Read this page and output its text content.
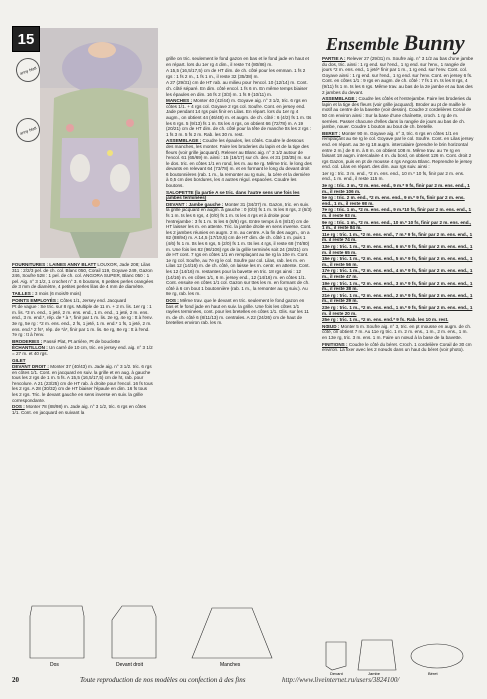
15
anny blatt
anny blatt
Ensemble Bunny

FOURNITURES : LAINES ANNY BLATT LOUXOR, Jade 208; Lilas 311 : 2/2/3 pel. de ch. col. Blanc 050, Corail 119, Goyave 249, Gazon 246, Soufre 528 : 1 pel. de ch. col. ANGORA SUPER, Blanc 050 : 1 pel. Aig. n° 3 1/2, 1 crochet n° 3. 6 boutons, 6 petites perles orangées de 3 mm de diamètre, 4 petites perles lilas de 4 mm de diamètre.

TAILLES : 3 mois (6 mois/9 mois)

POINTS EMPLOYÉS : Côtes 1/1, Jersey end. Jacquard

Pt de vague : Se tric. sur 8 rgs. Multiple de 11 m. + 2 m. lis. 1er rg : 1 m. lis. *3 m. end., 1 jeté, 2 m. ens. end., 1 m. end., 1 jeté, 2 m. ens. end., 3 m. end.*, rép. de * à *, finir par 1 m. lis. 2e rg, 4e rg : tt à l'env. 3e rg, 5e rg : *2 m. ens. end., 2 fs, 1 jeté, 1 m. end.* 1 fs, 1 jeté, 2 m. ens. end.* 2 fs*, rép. de *à*, finir par 1 m. lis. 6e rg, 8e rg : tt à l'end. 7e rg : tt à l'env.

BRODERIES : Passé Plat, Pt arrière, Pt de bouclette

ÉCHANTILLON : Un carré de 10 cm, tric. en jersey end. aig. n° 3 1/2 = 27 m. et 40 rgs.

GILET

DEVANT DROIT : Monter 37 (40/43) m. Jade aig. n° 3 1/2. tric. 6 rgs en côtes 1/1. Cont. en jacquard en suiv. la grille et en aug. à gauche tous les 2 rgs de 1 m. 5 fs. A 15,5 (16,5/17,5) cm de ht, rab. pour l'encolure. A 21 (23/25) cm de HT rab. à droite pour l'encol. 16 fs tous les 2 rgs. A 28 (30/32) cm de HT biaiser l'épaule en dim. 16 fs tous les 2 rgs. Tric. le devant gauche en sens inverse en suiv. la grille correspondante.

DOS : Monter 78 (88/98) m. Jade aig. n° 3 1/2, tric. 6 rgs en côtes 1/1. Cont. en jacquard en suivant la

grille on tric. seulement le fond gazon en bas et le fond jade en haut et en répart. lors du 1er rg 4 dim., il reste 74 (80/86) m.

A 15,5 (16,5/17,5) cm de HT dim. de ch. côté pour les emman. 1 fs 2 rgs : 1 fs 2 m., 1 fs 1 m., il reste 32 (35/38) m.

A 27 (29/31) cm de HT rab. au milieu pour l'encol. 10 (12/14) m. Cont. ch. côté séparé. En dim. côté encol. 1 fs 6 m. En même temps biaiser les épaules en dim. 16 fs 2 (3/3) m. 1 fs 9 (10/11) m.

MANCHES : Monter 40 (42/44) m. Goyave aig. n° 3 1/2, tric. 6 rgs en côtes 1/1. + 4 rgs col. Goyave 2 rgs col. Soufre. Cont. en jersey end. Jade pendant 14 rgs puis finir en Lilas. En répart. lors du 1er rg 4 augm., on obtient 44 (46/48) m. et augm. de ch. côté : 6 (4/2) fs 1 m. tts les 6 rgs. 5 (9/13) fs 1 m. tts les 4 rgs, on obtient 66 (72/78) m. A 19 (20/21) cm de HT dim. de ch. côté pour la tête de manche tts les 2 rgs : 1 fs 3 m. 5 fs 2 m. Rab. les 30 m. rest.

ASSEMBLAGE : Coudre les épaules, les côtés. Coudre le dessous des manches, les monter. Faire les broderies du lapin et de la tige des fleurs (voir grille jacquard). Relever au Blanc aig. n° 3 1/2 autour de l'encol. 61 (65/69) m. ainsi : 15 (16/17) sur ch. dev. et 31 (33/35) m. sur le dos. tric. en côtes 1/1 en rond, les m. au 6e rg. Même tric. le long des devants en relevant 64 (73/78) m. et en formant le long du devant droit 6 boutonnières (rab. 1 m., la remonter au rg suiv., la 1ère et la dernière à 0,5 cm des bordures, les 4 autres régul. espacées. Coudre les boutons.

SALOPETTE (la partie A se tric. dans l'autre sens une fois les jambes terminées)

DEVANT : Jambe gauche : Monter 31 (34/37) m. Gazon, tric. en suiv. la grille jacquard en augm. à gauche : 0 (0/3) fs 1 m. ts les 8 rgs, 2 (6/3) fs 1 m. ts les 6 rgs, 4 (0/0) fs 1 m. ts les 4 rgs et à droite pour l'entrejambe : 3 fs 1 m. ts les 6 (8/8) rgs. Entre temps à 6 (8/10) cm de HT laisser les m. en attente. Tric. la jambe droite en sens inverse. Cont. les 2 jambes réunies en augm. 2 m. au centre. A la fin des augm., on a 82 (88/94) m. A 14,5 (17/19,5) cm de HT dim. de ch. côté 1 m. puis 1 (4/6) fs 1 m. tts les 6 rgs, 5 (2/0) fs 1 m. tts les 4 rgs, il reste 68 (74/80) m. Une fois les 82 (96/106) rgs de la grille terminés soit 24 (28/31) cm de HT cont. 7 rgs en côtes 1/1 en remplaçant au 5e rg la 10e m. Cont. 1e rg col. Soufre, au 7e rg le col. Soufre par col. Lilas, rab. les m. en Lilas 12 (14/16) m. de ch. côté, on laisse les m. centr. en attente. Cont. les 12 (14/16) m. restantes pour la bavette en tric. 18 rgs ainsi : 12 (14/16) m. en côtes 1/1, 6 m. jersey end., 12 (14/16) m. en côtes 1/1. Cont. ensuite en côtes 1/1 col. Gazon sur ttes les m. en formant de ch. côté à 6 cm bout 1 boutonnière (rab. 1 m., la remonter au rg suiv.). Au 8e rg, rab. les m.

DOS : Même trav. que le devant en tric. seulement le fond gazon en bas et le fond jade en haut en suiv. la grille. Une fois les côtes 1/1 rayées terminées, cont. pour les bretelles en côtes 1/1. Glis. sur les 11 m. de ch. côté 6 (8/11/13) m. centrales. A 22 (24/26) cm de haut de bretelles environ rab. les m.

PARTIE A : Relever 27 (29/31) m. Soufre aig. n° 3 1/2 au bas d'une jambe du dos, tric. ainsi : 1 rg end. sur l'end., 1 rg end. sur l'env., 1 rangée de jours *2 m. ens. end., 1 jeté* finir par 1 m., 1 rg end. sur l'env. Cont. col. Goyave ainsi : 1 rg end. sur l'end., 1 rg end. sur l'env. Cont. en jersey 6 fs. Cont. en côtes 1/1 : 9 rgs en augm. de ch. côté : 7 fs 1 m. ts les 8 rgs, 4 (9/11) fs 1 m. ts les 6 rgs. Même trav. au bas de la 2e jambe et au bas des 2 jambes du devant.

ASSEMBLAGE : Coudre les côtés et l'entrejambe. Faire les broderies du lapin et la tige des fleurs (voir grille jacquard). Broder au pt de maille le motif au centre de la bavette (voir dessin). Coudre 2 cordelières Corail de 50 cm environ ainsi : Sur la base d'une chaînette, croch. 1 rg de m. serrées. Passer chacune d'elles dans la rangée de jours au bas de ch. jambe, nouer. Coudre 1 bouton au bout de ch. bretelle.

BERET : Monter 90 m. Goyave aig. n° 3, tric. 6 rgs en côtes 1/1 en remplaçant au 6e rg le col. Goyave par le col. Soufre. Cont. en Lilas jersey end. en répart. au 3e rg 18 augm. intercalaire (prendre le brin horizontal entre 2 m.) de 8 m. à 8 m. on obtient 108 m. Même trav. au 7e rg en faisant 18 augm. intercalaire 4 m. du bord, on obtient 126 m. Cont. droit 2 rgs Gazon, puis en pt de mousse 4 rgs Angora Blanc. Reprendre le jersey end. col. Lilas en répart. des dim. aux rgs suiv. ainsi :

1er rg : tric. 3 m. end., *2 m. ens. end., 10 m.* 10 fs, finir par 2 m. ens. end., 1 m. end., il reste 115 m.

3e rg : tric. 3 m., *2 m. ens. end., 9 m.* 9 fs, finir par 2 m. ens. end., 1 m., il reste 106 m.

5e rg : tric. 2 m. end., *2 m. ens. end., 9 m.* 9 fs, finir par 2 m. ens. end., 1 m., il reste 98 m.

7e rg : tric. 1 m., *2 m. ens. end., 9 m.*10 fs, finir par 2 m. ens. end., 1 m. il reste 93 m.

9e rg : tric. 1 m., *2 m. ens. end., 10 m.* 10 fs, finir par 2 m. ens. end., 1 m., il reste 84 m.

11e rg : tric. 1 m., *2 m. ens. end., 7 m.* 9 fs, finir par 2 m. ens. end., 1 m. il reste 74 m.

13e rg : tric. 1 m., *2 m. ens. end., 6 m.* 9 fs, finir par 2 m. ens. end., 1 m. il reste 65 m.

15e rg : tric. 1 m., *2 m. ens. end., 5 m.* 9 fs, finir par 2 m. ens. end., 1 m., il reste 56 m.

17e rg : tric. 1 m., *2 m. ens. end., 4 m.* 9 fs, finir par 2 m. ens. end., 1 m., il reste 47 m.

19e rg : tric. 1 m., *2 m. ens. end., 3 m.* 9 fs, finir par 2 m. ens. end., 1 m., il reste 38 m.

21e rg : tric. 1 m., *2 m. ens. end., 2 m.* 9 fs, finir par 2 m. ens. end., 1 m., il reste 29 m.

23e rg : tric. 1 m., *2 m. ens. end., 1 m.* 9 fs, finir par 2 m. ens. end., 1 m. il reste 20 m.

25e rg : tric. 1 m., *2 m. ens. end.* 9 fs. Rab. les 10 m. rest.

NŒUD : Monter 5 m. Soufre aig. n° 3, tric. en pt mousse en augm. de ch. côté, on obtient 7 m. Au 11e rg tric. 1 m. 2 m. ens., 1 m., 2 m. ens., 1 m. en 13e rg, tric. 3 m. ens. 1 m. Faire un nœud à la base de la bavette.

FINITIONS : Coudre le côté du béret. Croch. 1 cordelière Corail de 30 cm environ. La fixer avec les 2 nœuds dans un haut du béret (voir photo).

Dos	Devant droit	Manches
Devant	Jambe	Béret
20	Toute reproduction de nos modèles ou confection à des fins	http://www.liveinternet.ru/users/3824100/
